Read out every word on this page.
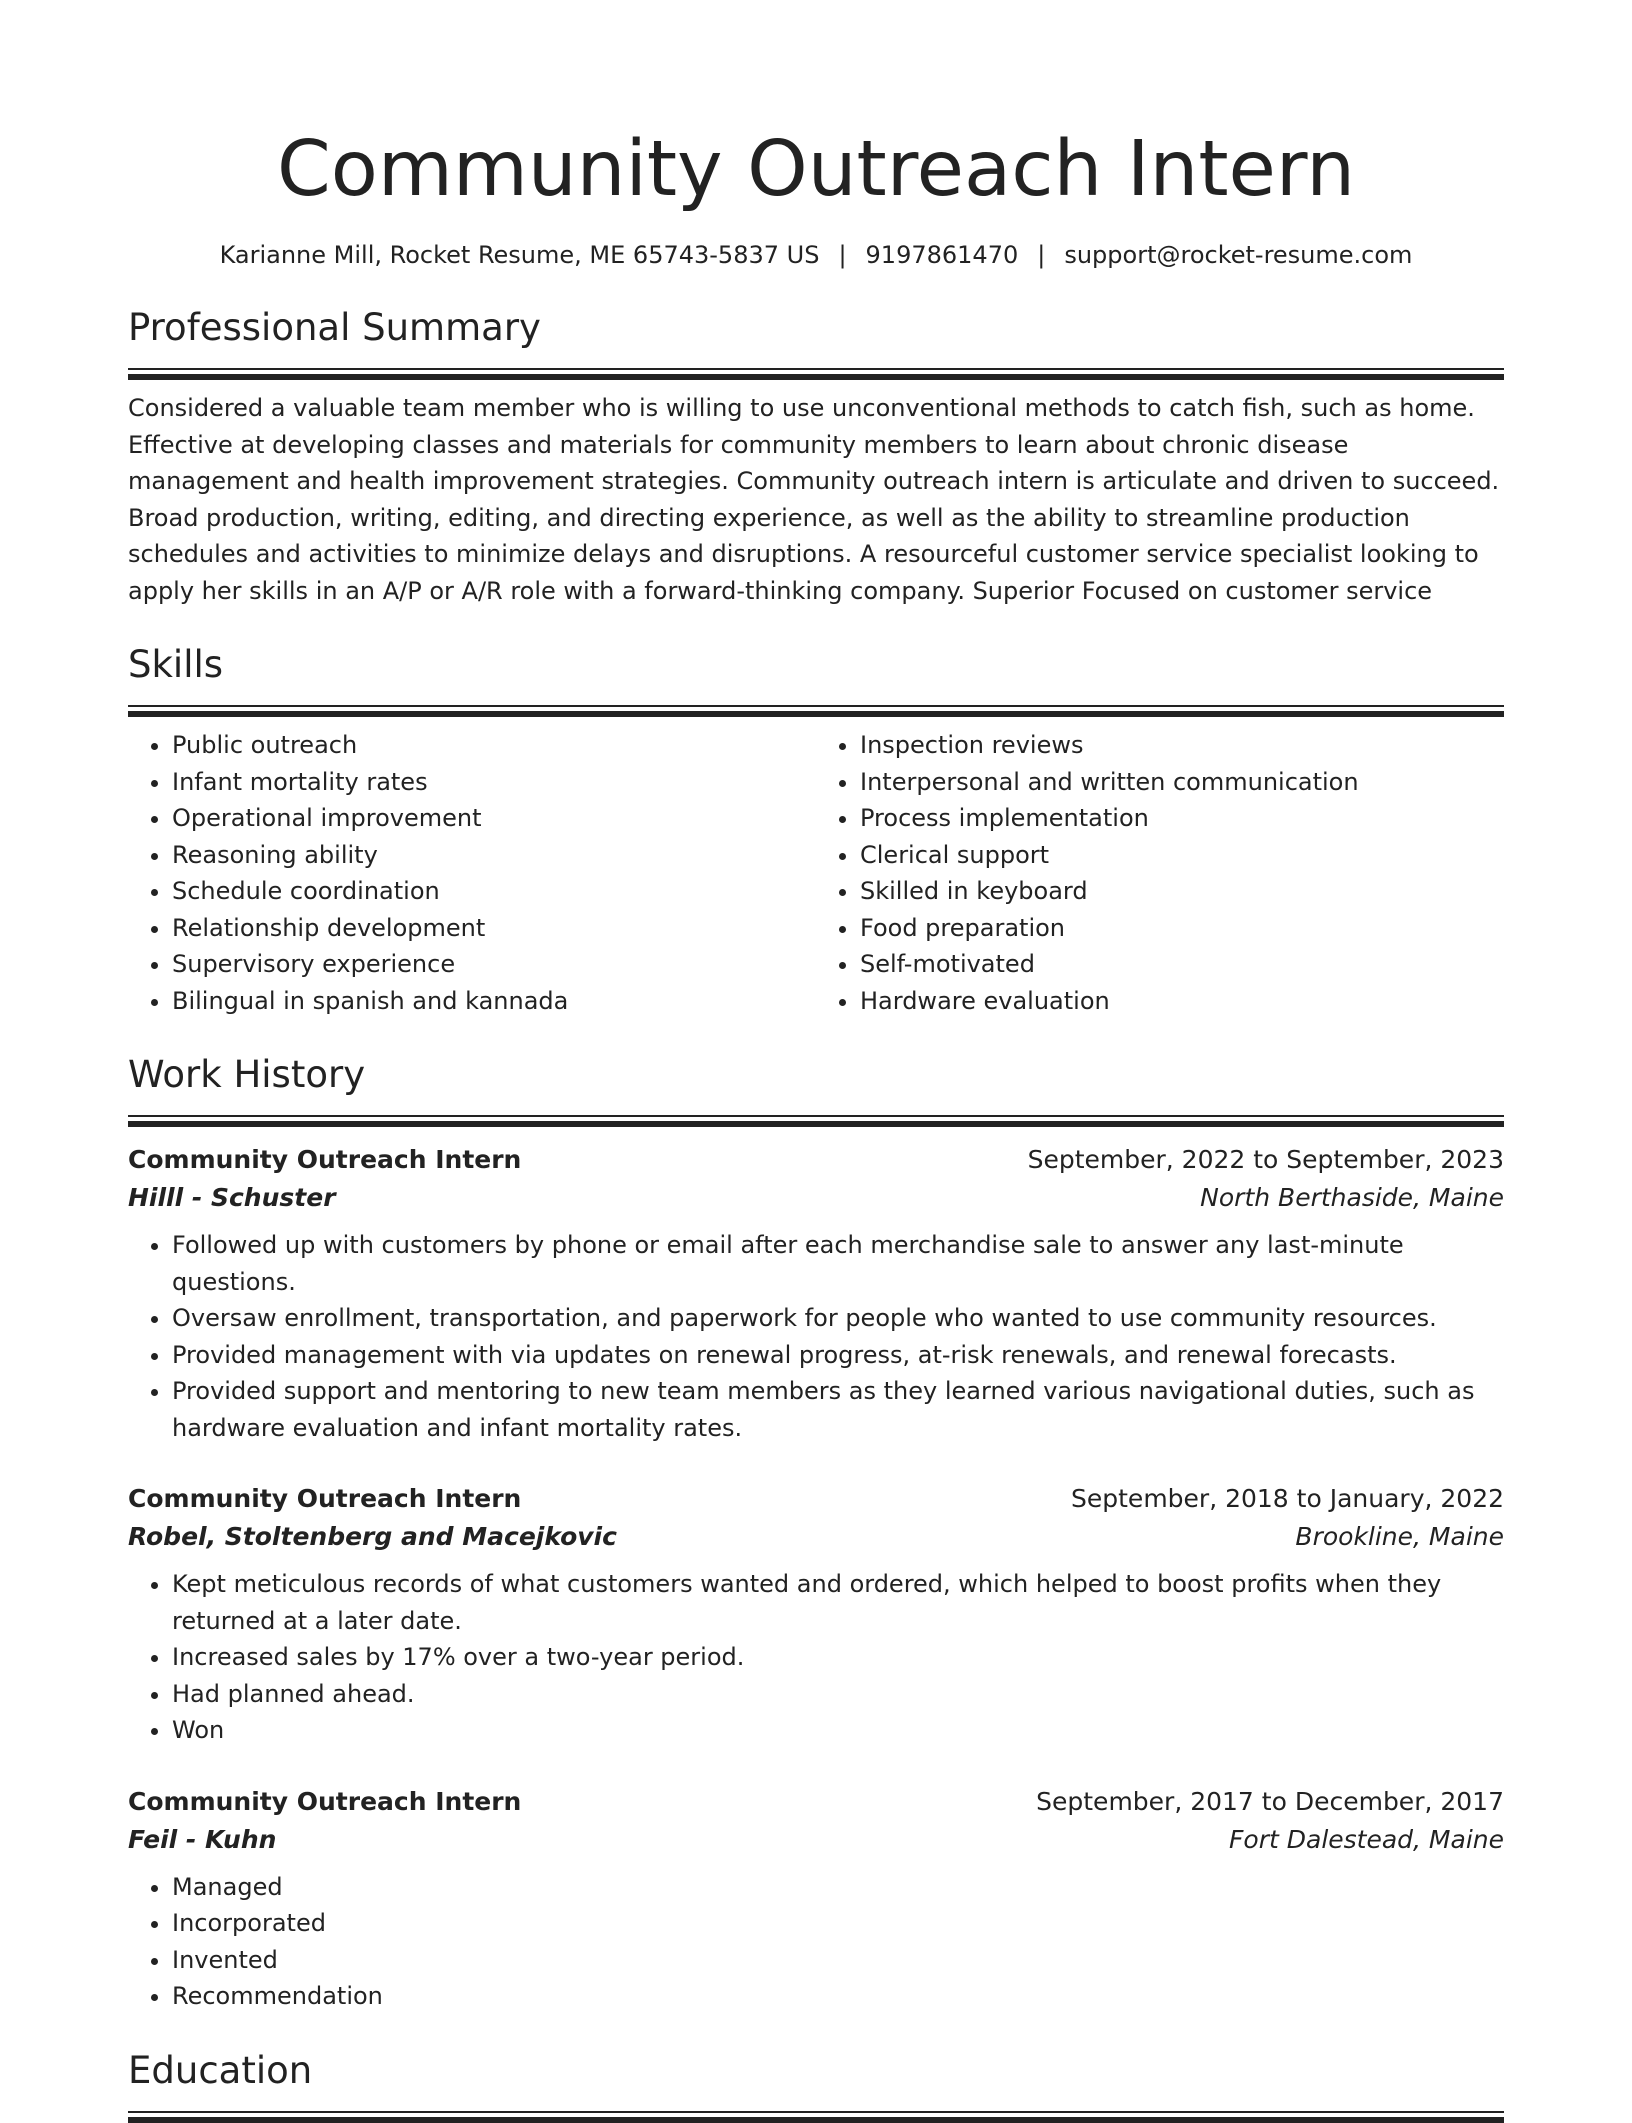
Community Outreach Intern
Karianne Mill, Rocket Resume, ME 65743-5837 US | 9197861470 | support@rocket-resume.com
Professional Summary
Considered a valuable team member who is willing to use unconventional methods to catch fish, such as home. Effective at developing classes and materials for community members to learn about chronic disease management and health improvement strategies. Community outreach intern is articulate and driven to succeed. Broad production, writing, editing, and directing experience, as well as the ability to streamline production schedules and activities to minimize delays and disruptions. A resourceful customer service specialist looking to apply her skills in an A/P or A/R role with a forward-thinking company. Superior Focused on customer service
Skills
• Public outreach
• Infant mortality rates
• Operational improvement
• Reasoning ability
• Schedule coordination
• Relationship development
• Supervisory experience
• Bilingual in spanish and kannada
• Inspection reviews
• Interpersonal and written communication
• Process implementation
• Clerical support
• Skilled in keyboard
• Food preparation
• Self-motivated
• Hardware evaluation
Work History
Community Outreach Intern	September, 2022 to September, 2023
Hilll - Schuster	North Berthaside, Maine
• Followed up with customers by phone or email after each merchandise sale to answer any last-minute questions.
• Oversaw enrollment, transportation, and paperwork for people who wanted to use community resources.
• Provided management with via updates on renewal progress, at-risk renewals, and renewal forecasts.
• Provided support and mentoring to new team members as they learned various navigational duties, such as hardware evaluation and infant mortality rates.
Community Outreach Intern	September, 2018 to January, 2022
Robel, Stoltenberg and Macejkovic	Brookline, Maine
• Kept meticulous records of what customers wanted and ordered, which helped to boost profits when they returned at a later date.
• Increased sales by 17% over a two-year period.
• Had planned ahead.
• Won
Community Outreach Intern	September, 2017 to December, 2017
Feil - Kuhn	Fort Dalestead, Maine
• Managed
• Incorporated
• Invented
• Recommendation
Education
